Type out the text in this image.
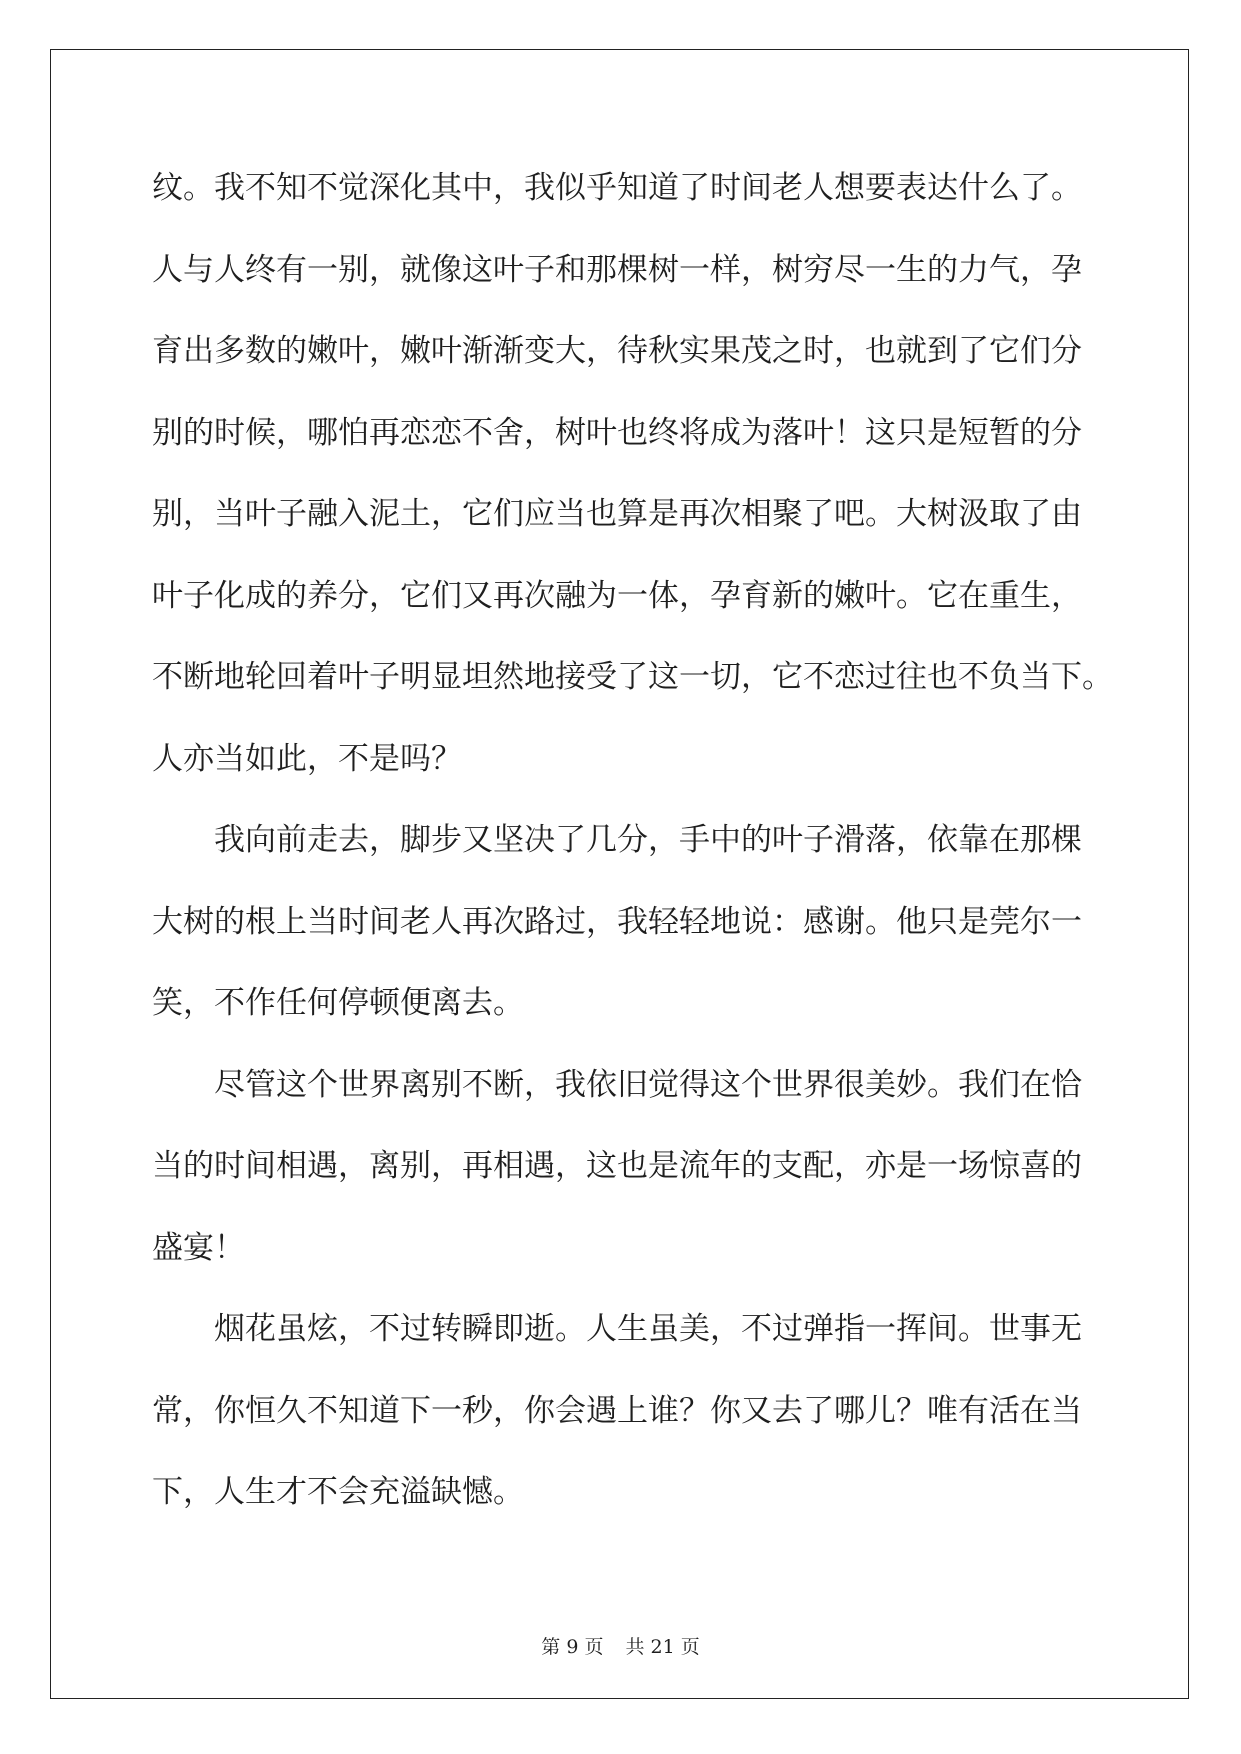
纹。我不知不觉深化其中，我似乎知道了时间老人想要表达什么了。
人与人终有一别，就像这叶子和那棵树一样，树穷尽一生的力气，孕
育出多数的嫩叶，嫩叶渐渐变大，待秋实果茂之时，也就到了它们分
别的时候，哪怕再恋恋不舍，树叶也终将成为落叶！这只是短暂的分
别，当叶子融入泥土，它们应当也算是再次相聚了吧。大树汲取了由
叶子化成的养分，它们又再次融为一体，孕育新的嫩叶。它在重生，
不断地轮回着叶子明显坦然地接受了这一切，它不恋过往也不负当下。
人亦当如此，不是吗？
我向前走去，脚步又坚决了几分，手中的叶子滑落，依靠在那棵
大树的根上当时间老人再次路过，我轻轻地说：感谢。他只是莞尔一
笑，不作任何停顿便离去。
尽管这个世界离别不断，我依旧觉得这个世界很美妙。我们在恰
当的时间相遇，离别，再相遇，这也是流年的支配，亦是一场惊喜的
盛宴！
烟花虽炫，不过转瞬即逝。人生虽美，不过弹指一挥间。世事无
常，你恒久不知道下一秒，你会遇上谁？你又去了哪儿？唯有活在当
下，人生才不会充溢缺憾。
第 9 页 共 21 页
